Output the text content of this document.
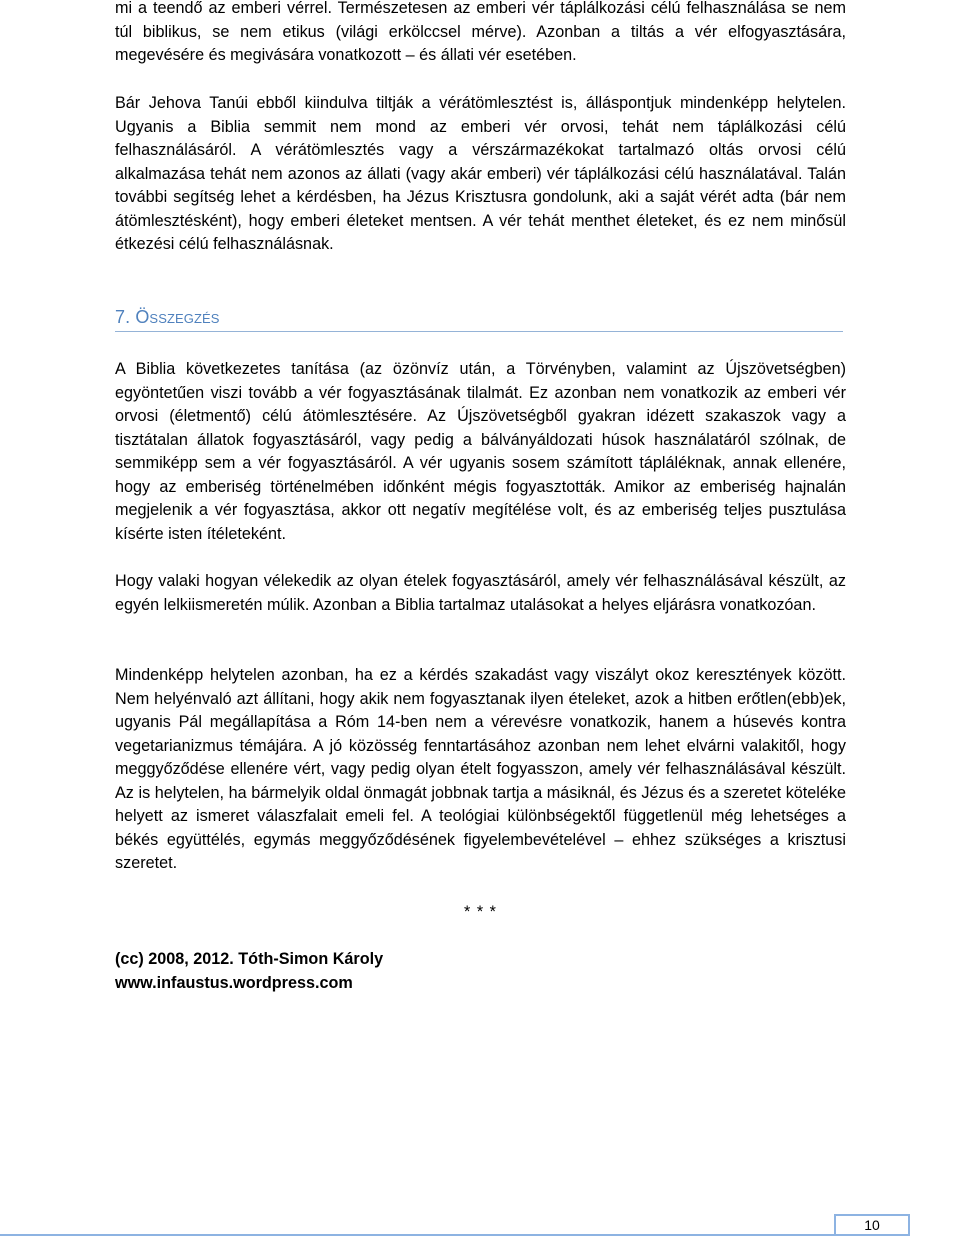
mi a teendő az emberi vérrel. Természetesen az emberi vér táplálkozási célú felhasználása se nem túl biblikus, se nem etikus (világi erkölccsel mérve). Azonban a tiltás a vér elfogyasztására, megevésére és megivására vonatkozott – és állati vér esetében.

Bár Jehova Tanúi ebből kiindulva tiltják a vérátömlesztést is, álláspontjuk mindenképp helytelen. Ugyanis a Biblia semmit nem mond az emberi vér orvosi, tehát nem táplálkozási célú felhasználásáról. A vérátömlesztés vagy a vérszármazékokat tartalmazó oltás orvosi célú alkalmazása tehát nem azonos az állati (vagy akár emberi) vér táplálkozási célú használatával. Talán további segítség lehet a kérdésben, ha Jézus Krisztusra gondolunk, aki a saját vérét adta (bár nem átömlesztésként), hogy emberi életeket mentsen. A vér tehát menthet életeket, és ez nem minősül étkezési célú felhasználásnak.

7. Összegzés

A Biblia következetes tanítása (az özönvíz után, a Törvényben, valamint az Újszövetségben) egyöntetűen viszi tovább a vér fogyasztásának tilalmát. Ez azonban nem vonatkozik az emberi vér orvosi (életmentő) célú átömlesztésére. Az Újszövetségből gyakran idézett szakaszok vagy a tisztátalan állatok fogyasztásáról, vagy pedig a bálványáldozati húsok használatáról szólnak, de semmiképp sem a vér fogyasztásáról. A vér ugyanis sosem számított tápláléknak, annak ellenére, hogy az emberiség történelmében időnként mégis fogyasztották. Amikor az emberiség hajnalán megjelenik a vér fogyasztása, akkor ott negatív megítélése volt, és az emberiség teljes pusztulása kísérte isten ítéleteként.

Hogy valaki hogyan vélekedik az olyan ételek fogyasztásáról, amely vér felhasználásával készült, az egyén lelkiismeretén múlik. Azonban a Biblia tartalmaz utalásokat a helyes eljárásra vonatkozóan.

Mindenképp helytelen azonban, ha ez a kérdés szakadást vagy viszályt okoz keresztények között. Nem helyénvaló azt állítani, hogy akik nem fogyasztanak ilyen ételeket, azok a hitben erőtlen(ebb)ek, ugyanis Pál megállapítása a Róm 14-ben nem a vérevésre vonatkozik, hanem a húsevés kontra vegetarianizmus témájára. A jó közösség fenntartásához azonban nem lehet elvárni valakitől, hogy meggyőződése ellenére vért, vagy pedig olyan ételt fogyasszon, amely vér felhasználásával készült. Az is helytelen, ha bármelyik oldal önmagát jobbnak tartja a másiknál, és Jézus és a szeretet köteléke helyett az ismeret válaszfalait emeli fel. A teológiai különbségektől függetlenül még lehetséges a békés együttélés, egymás meggyőződésének figyelembevételével – ehhez szükséges a krisztusi szeretet.

* * *
(cc) 2008, 2012. Tóth-Simon Károly
www.infaustus.wordpress.com
10
